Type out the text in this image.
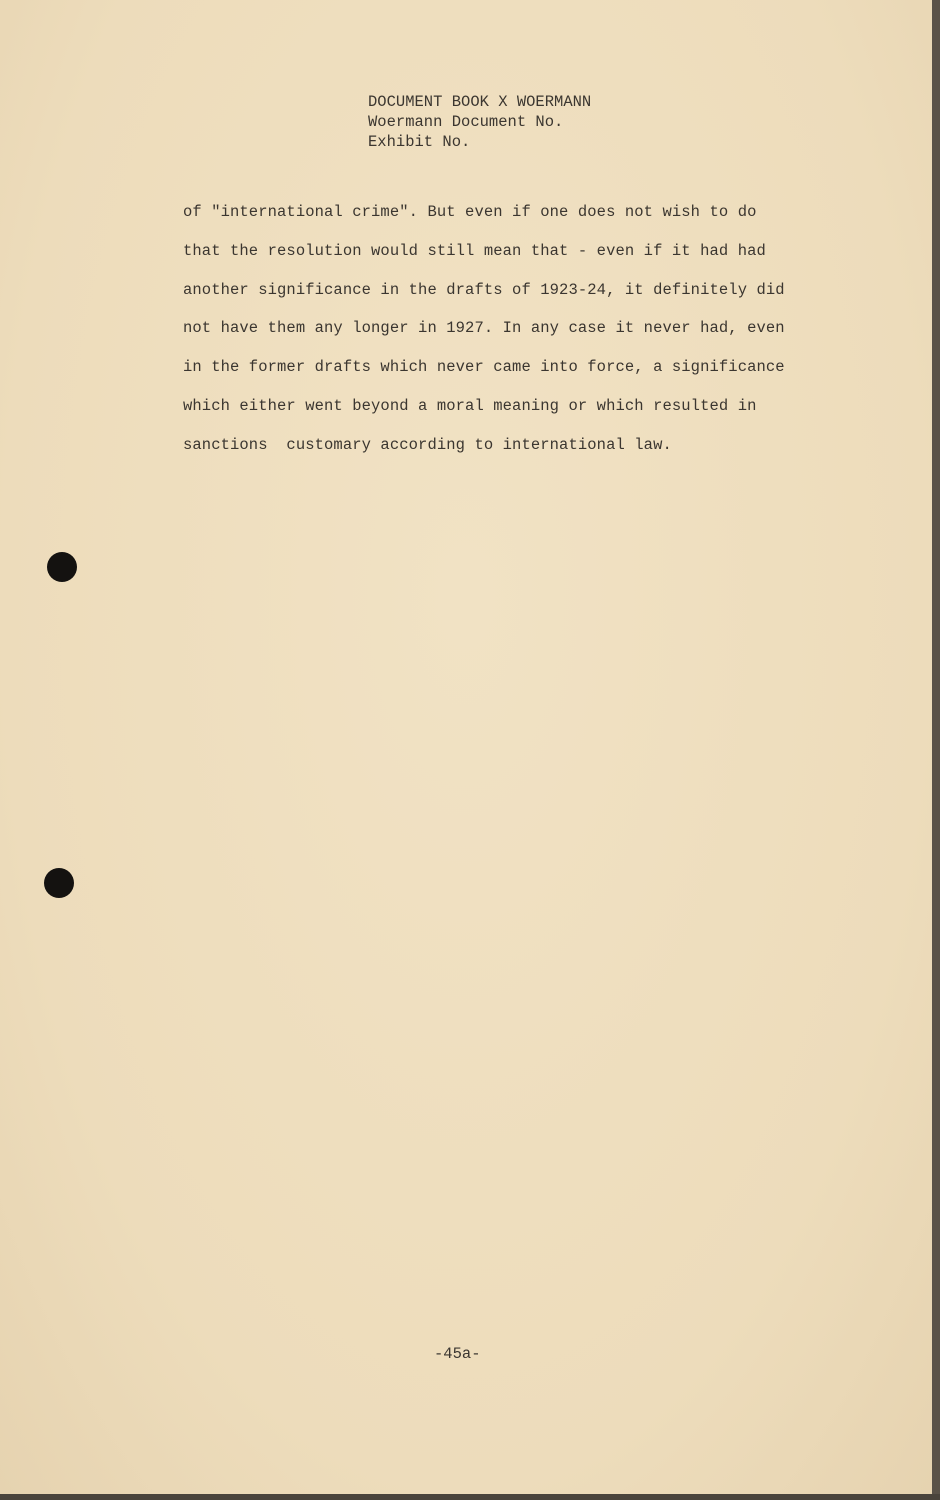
DOCUMENT BOOK X WOERMANN
Woermann Document No.
Exhibit No.
of "international crime". But even if one does not wish to do
that the resolution would still mean that - even if it had had
another significance in the drafts of 1923-24, it definitely did
not have them any longer in 1927. In any case it never had, even
in the former drafts which never came into force, a significance
which either went beyond a moral meaning or which resulted in
sanctions  customary according to international law.
-45a-
